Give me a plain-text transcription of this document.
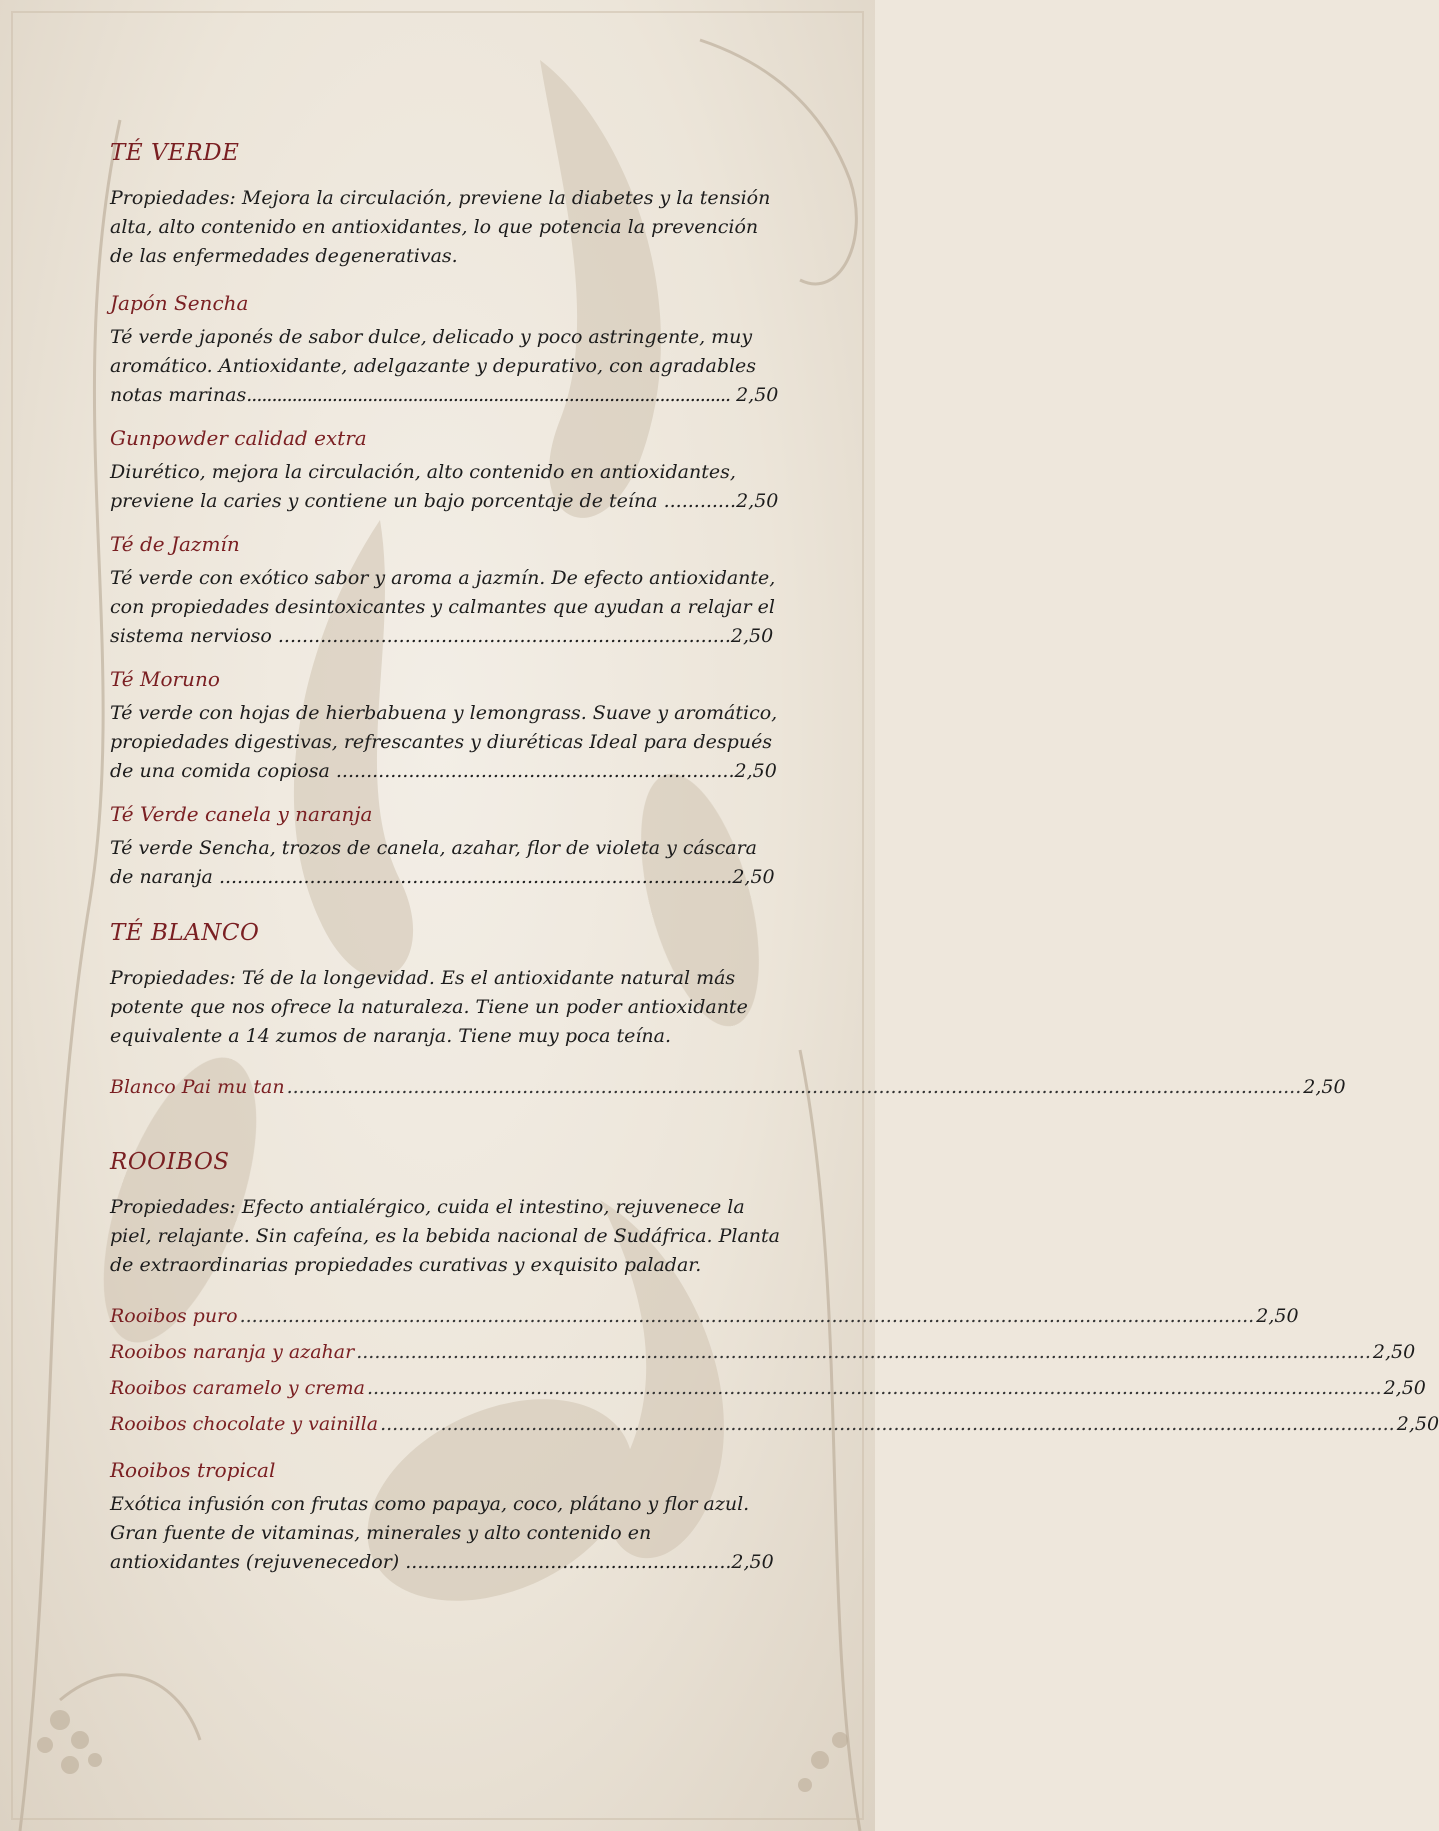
TÉ VERDE
Propiedades: Mejora la circulación, previene la diabetes y la tensión alta, alto contenido en antioxidantes, lo que potencia la prevención de las enfermedades degenerativas.
Japón Sencha
Té verde japonés de sabor dulce, delicado y poco astringente, muy aromático. Antioxidante, adelgazante y depurativo, con agradables notas marinas................................................................................................ 2,50
Gunpowder calidad extra
Diurético, mejora la circulación, alto contenido en antioxidantes, previene la caries y contiene un bajo porcentaje de teína ............2,50
Té de Jazmín
Té verde con exótico sabor y aroma a jazmín. De efecto antioxidante, con propiedades desintoxicantes y calmantes que ayudan a relajar el sistema nervioso ...........................................................................2,50
Té Moruno
Té verde con hojas de hierbabuena y lemongrass. Suave y aromático, propiedades digestivas, refrescantes y diuréticas Ideal para después de una comida copiosa ..................................................................2,50
Té Verde canela y naranja
Té verde Sencha, trozos de canela, azahar, flor de violeta y cáscara de naranja .....................................................................................2,50
TÉ BLANCO
Propiedades: Té de la longevidad. Es el antioxidante natural más potente que nos ofrece la naturaleza. Tiene un poder antioxidante equivalente a 14 zumos de naranja. Tiene muy poca teína.
Blanco Pai mu tan ........................................................................................................................................................................ 2,50
ROOIBOS
Propiedades: Efecto antialérgico, cuida el intestino, rejuvenece la piel, relajante. Sin cafeína, es la bebida nacional de Sudáfrica. Planta de extraordinarias propiedades curativas y exquisito paladar.
Rooibos puro ........................................................................................................................................................................ 2,50
Rooibos naranja y azahar ........................................................................................................................................................................ 2,50
Rooibos caramelo y crema ........................................................................................................................................................................ 2,50
Rooibos chocolate y vainilla ........................................................................................................................................................................ 2,50
Rooibos tropical
Exótica infusión con frutas como papaya, coco, plátano y flor azul. Gran fuente de vitaminas, minerales y alto contenido en antioxidantes (rejuvenecedor) ......................................................2,50
